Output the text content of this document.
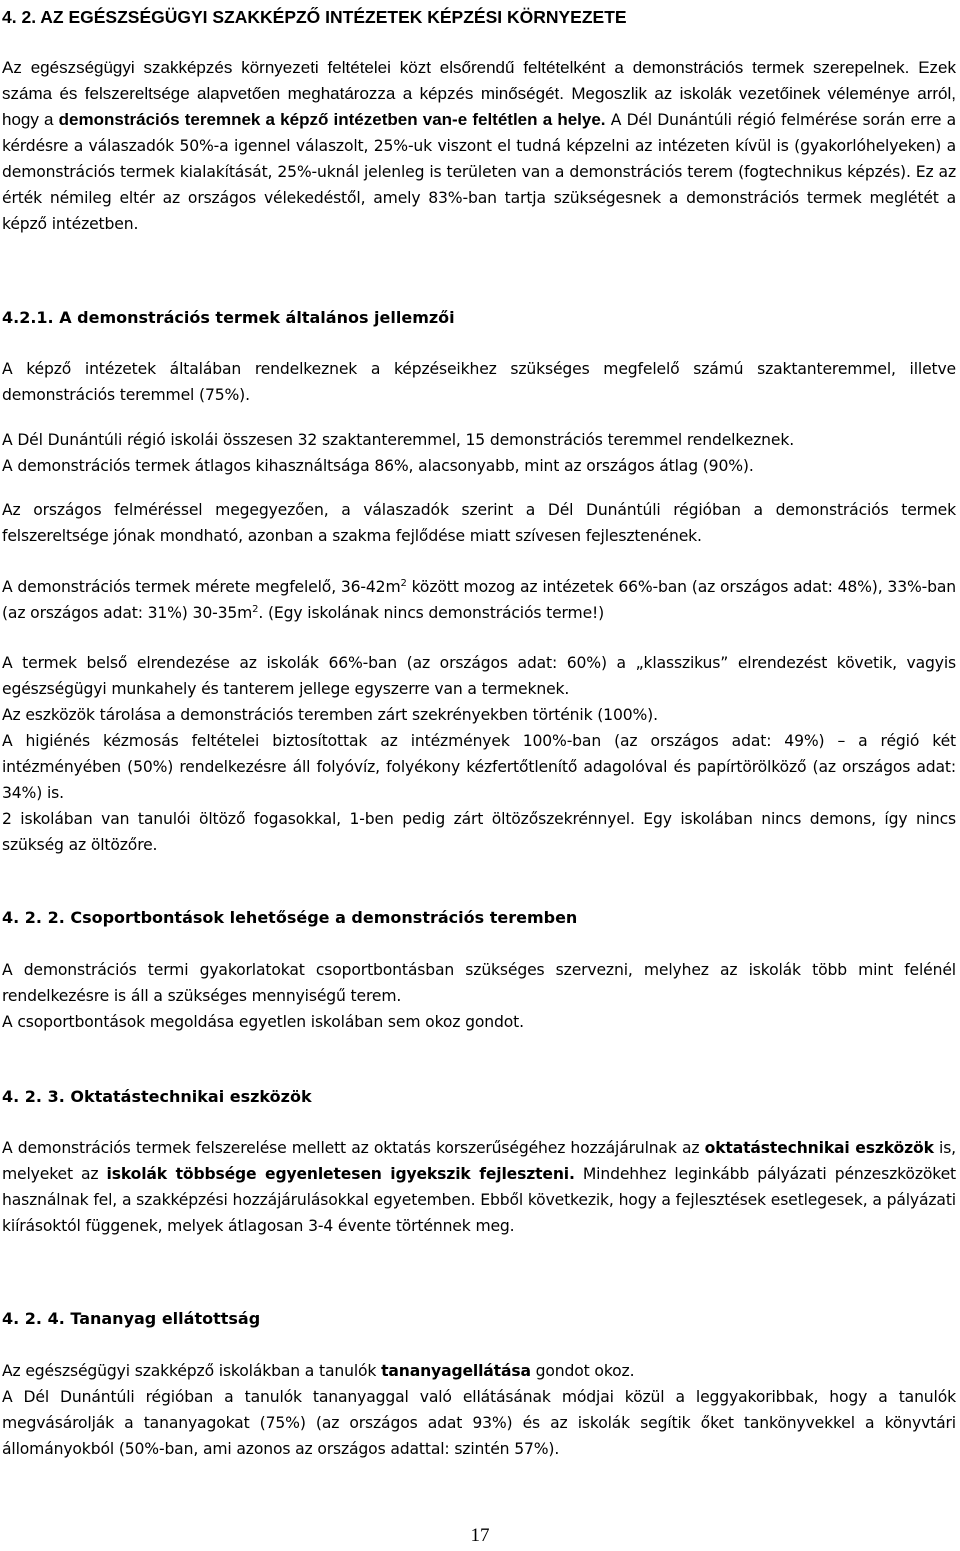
4. 2. AZ EGÉSZSÉGÜGYI SZAKKÉPZŐ INTÉZETEK KÉPZÉSI KÖRNYEZETE
Az egészségügyi szakképzés környezeti feltételei közt elsőrendű feltételként a demonstrációs termek szerepelnek. Ezek száma és felszereltsége alapvetően meghatározza a képzés minőségét. Megoszlik az iskolák vezetőinek véleménye arról, hogy a demonstrációs teremnek a képző intézetben van-e feltétlen a helye. A Dél Dunántúli régió felmérése során erre a kérdésre a válaszadók 50%-a igennel válaszolt, 25%-uk viszont el tudná képzelni az intézeten kívül is (gyakorlóhelyeken) a demonstrációs termek kialakítását, 25%-uknál jelenleg is területen van a demonstrációs terem (fogtechnikus képzés). Ez az érték némileg eltér az országos vélekedéstől, amely 83%-ban tartja szükségesnek a demonstrációs termek meglétét a képző intézetben.
4.2.1. A demonstrációs termek általános jellemzői

A képző intézetek általában rendelkeznek a képzéseikhez szükséges megfelelő számú szaktanteremmel, illetve demonstrációs teremmel (75%).

A Dél Dunántúli régió iskolái összesen 32 szaktanteremmel, 15 demonstrációs teremmel rendelkeznek.

A demonstrációs termek átlagos kihasználtsága 86%, alacsonyabb, mint az országos átlag (90%).

Az országos felméréssel megegyezően, a válaszadók szerint a Dél Dunántúli régióban a demonstrációs termek felszereltsége jónak mondható, azonban a szakma fejlődése miatt szívesen fejlesztenének.

A demonstrációs termek mérete megfelelő, $36-42m^2$ között mozog az intézetek 66%-ban (az országos adat: 48%), 33%-ban (az országos adat: 31%) $30-35m^2$. (Egy iskolának nincs demonstrációs terme!)

A termek belső elrendezése az iskolák 66%-ban (az országos adat: 60%) a „klasszikus” elrendezést követik, vagyis egészségügyi munkahely és tanterem jellege egyszerre van a termeknek.

Az eszközök tárolása a demonstrációs teremben zárt szekrényekben történik (100%).

A higiénés kézmosás feltételei biztosítottak az intézmények 100%-ban (az országos adat: 49%) – a régió két intézményében (50%) rendelkezésre áll folyóvíz, folyékony kézfertőtlenítő adagolóval és papírtörölköző (az országos adat: 34%) is.

2 iskolában van tanulói öltöző fogasokkal, 1-ben pedig zárt öltözőszekrénnyel. Egy iskolában nincs demons, így nincs szükség az öltözőre.

4. 2. 2. Csoportbontások lehetősége a demonstrációs teremben

A demonstrációs termi gyakorlatokat csoportbontásban szükséges szervezni, melyhez az iskolák több mint felénél rendelkezésre is áll a szükséges mennyiségű terem.

A csoportbontások megoldása egyetlen iskolában sem okoz gondot.

4. 2. 3. Oktatástechnikai eszközök

A demonstrációs termek felszerelése mellett az oktatás korszerűségéhez hozzájárulnak az oktatástechnikai eszközök is, melyeket az iskolák többsége egyenletesen igyekszik fejleszteni. Mindehhez leginkább pályázati pénzeszközöket használnak fel, a szakképzési hozzájárulásokkal egyetemben. Ebből következik, hogy a fejlesztések esetlegesek, a pályázati kiírásoktól függenek, melyek átlagosan 3-4 évente történnek meg.

4. 2. 4. Tananyag ellátottság

Az egészségügyi szakképző iskolákban a tanulók tananyagellátása gondot okoz.

A Dél Dunántúli régióban a tanulók tananyaggal való ellátásának módjai közül a leggyakoribbak, hogy a tanulók megvásárolják a tananyagokat (75%) (az országos adat 93%) és az iskolák segítik őket tankönyvekkel a könyvtári állományokból (50%-ban, ami azonos az országos adattal: szintén 57%).

17
